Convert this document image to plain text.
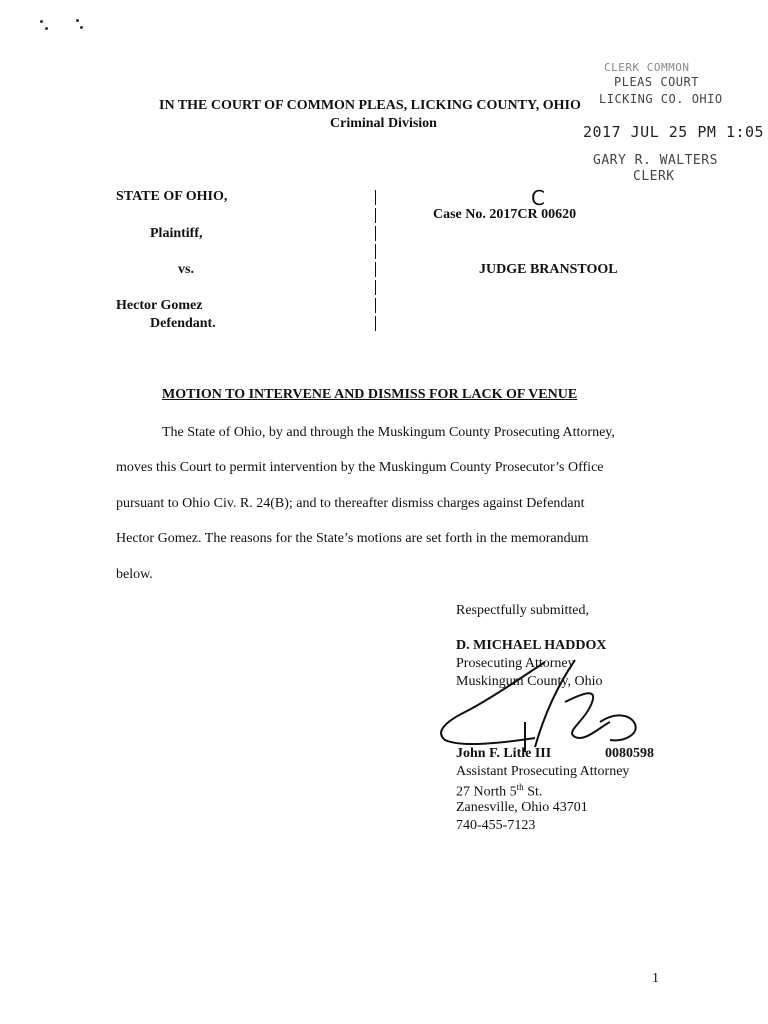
IN THE COURT OF COMMON PLEAS, LICKING COUNTY, OHIO
Criminal Division
CLERK COMMON
PLEAS COURT
LICKING CO. OHIO
2017 JUL 25 PM 1:05
GARY R. WALTERS
CLERK
STATE OF OHIO,
Plaintiff,
vs.
Hector Gomez
Defendant.
Case No. 2017CR 00620
C
JUDGE BRANSTOOL
MOTION TO INTERVENE AND DISMISS FOR LACK OF VENUE
The State of Ohio, by and through the Muskingum County Prosecuting Attorney,
moves this Court to permit intervention by the Muskingum County Prosecutor’s Office
pursuant to Ohio Civ. R. 24(B); and to thereafter dismiss charges against Defendant
Hector Gomez. The reasons for the State’s motions are set forth in the memorandum
below.
Respectfully submitted,
D. MICHAEL HADDOX
Prosecuting Attorney
Muskingum County, Ohio
John F. Litle III	0080598
Assistant Prosecuting Attorney
27 North 5th St.
Zanesville, Ohio 43701
740-455-7123
1
